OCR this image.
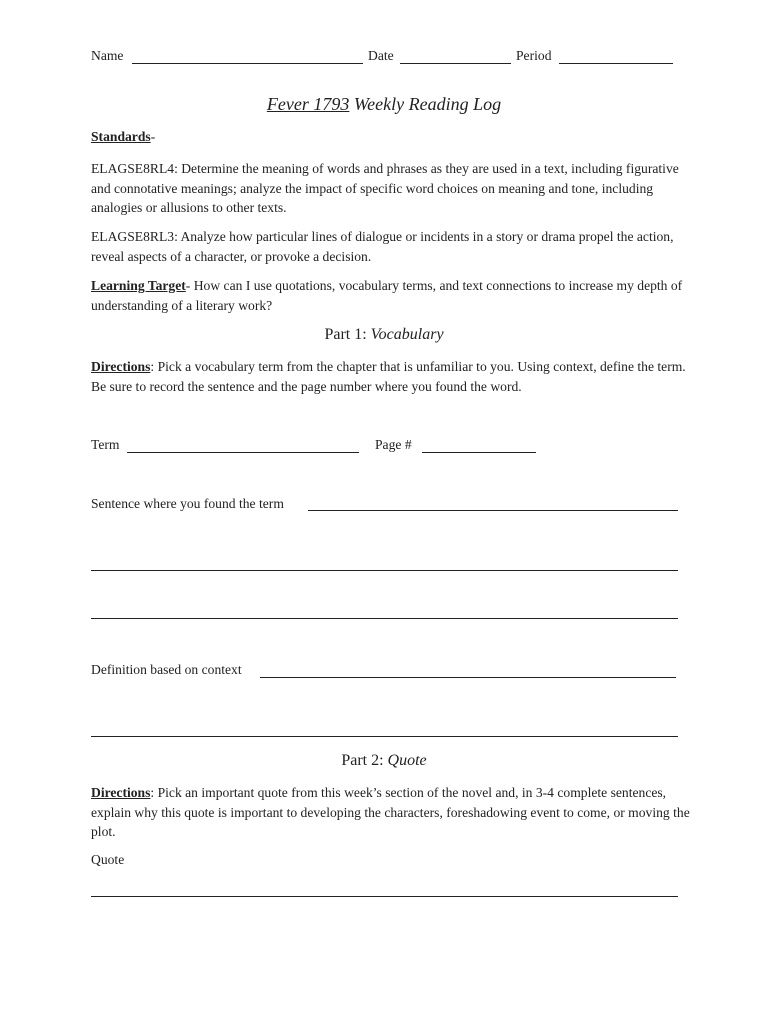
Name	Date	Period
Fever 1793 Weekly Reading Log
Standards-
ELAGSE8RL4: Determine the meaning of words and phrases as they are used in a text, including figurative and connotative meanings; analyze the impact of specific word choices on meaning and tone, including analogies or allusions to other texts.
ELAGSE8RL3: Analyze how particular lines of dialogue or incidents in a story or drama propel the action, reveal aspects of a character, or provoke a decision.
Learning Target- How can I use quotations, vocabulary terms, and text connections to increase my depth of understanding of a literary work?
Part 1: Vocabulary
Directions: Pick a vocabulary term from the chapter that is unfamiliar to you. Using context, define the term. Be sure to record the sentence and the page number where you found the word.
Term	Page #
Sentence where you found the term
Definition based on context
Part 2: Quote
Directions: Pick an important quote from this week’s section of the novel and, in 3-4 complete sentences, explain why this quote is important to developing the characters, foreshadowing event to come, or moving the plot.
Quote
